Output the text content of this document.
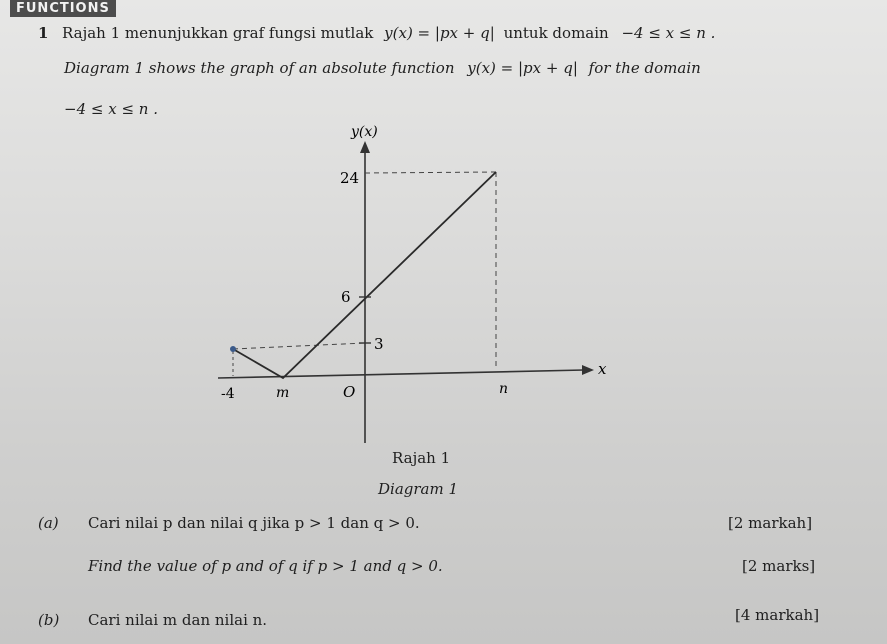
FUNCTIONS
1 Rajah 1 menunjukkan graf fungsi mutlak y(x) = |px + q| untuk domain −4 ≤ x ≤ n .
Diagram 1 shows the graph of an absolute function y(x) = |px + q| for the domain
−4 ≤ x ≤ n .
y(x)
24
6
3
x
-4	m	O	n
Rajah 1
Diagram 1
(a) Cari nilai p dan nilai q jika p > 1 dan q > 0.	[2 markah]
Find the value of p and of q if p > 1 and q > 0.	[2 marks]
(b) Cari nilai m dan nilai n.	[4 markah]
